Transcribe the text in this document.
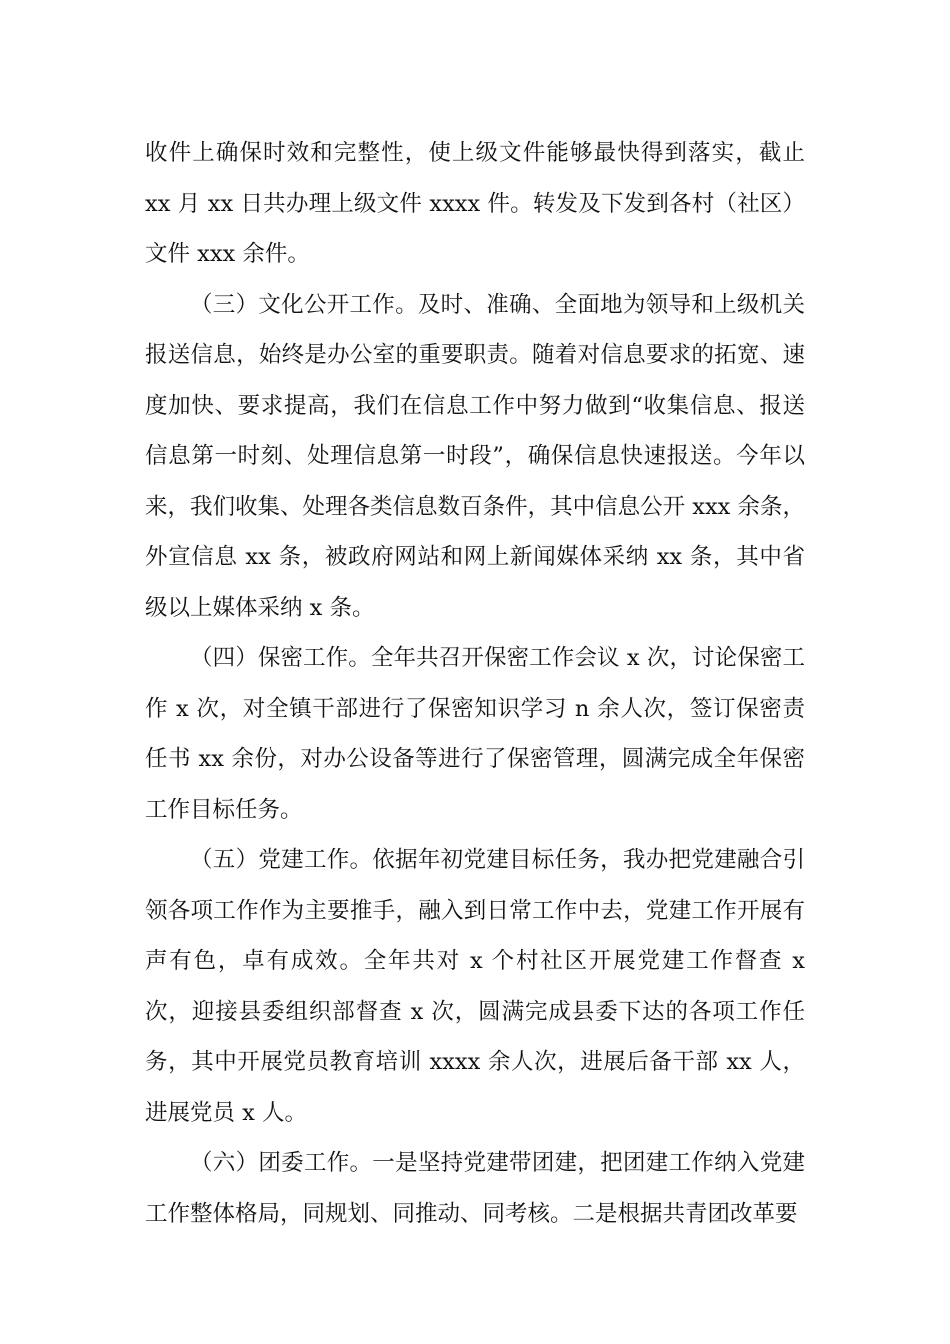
收件上确保时效和完整性，使上级文件能够最快得到落实，截止 xx 月 xx 日共办理上级文件 xxxx 件。转发及下发到各村（社区）文件 xxx 余件。

（三）文化公开工作。及时、准确、全面地为领导和上级机关报送信息，始终是办公室的重要职责。随着对信息要求的拓宽、速度加快、要求提高，我们在信息工作中努力做到“收集信息、报送信息第一时刻、处理信息第一时段”，确保信息快速报送。今年以来，我们收集、处理各类信息数百条件，其中信息公开 xxx 余条，外宣信息 xx 条，被政府网站和网上新闻媒体采纳 xx 条，其中省级以上媒体采纳 x 条。

（四）保密工作。全年共召开保密工作会议 x 次，讨论保密工作 x 次，对全镇干部进行了保密知识学习 n 余人次，签订保密责任书 xx 余份，对办公设备等进行了保密管理，圆满完成全年保密工作目标任务。

（五）党建工作。依据年初党建目标任务，我办把党建融合引领各项工作作为主要推手，融入到日常工作中去，党建工作开展有声有色，卓有成效。全年共对 x 个村社区开展党建工作督查 x 次，迎接县委组织部督查 x 次，圆满完成县委下达的各项工作任务，其中开展党员教育培训 xxxx 余人次，进展后备干部 xx 人，进展党员 x 人。

（六）团委工作。一是坚持党建带团建，把团建工作纳入党建工作整体格局，同规划、同推动、同考核。二是根据共青团改革要
